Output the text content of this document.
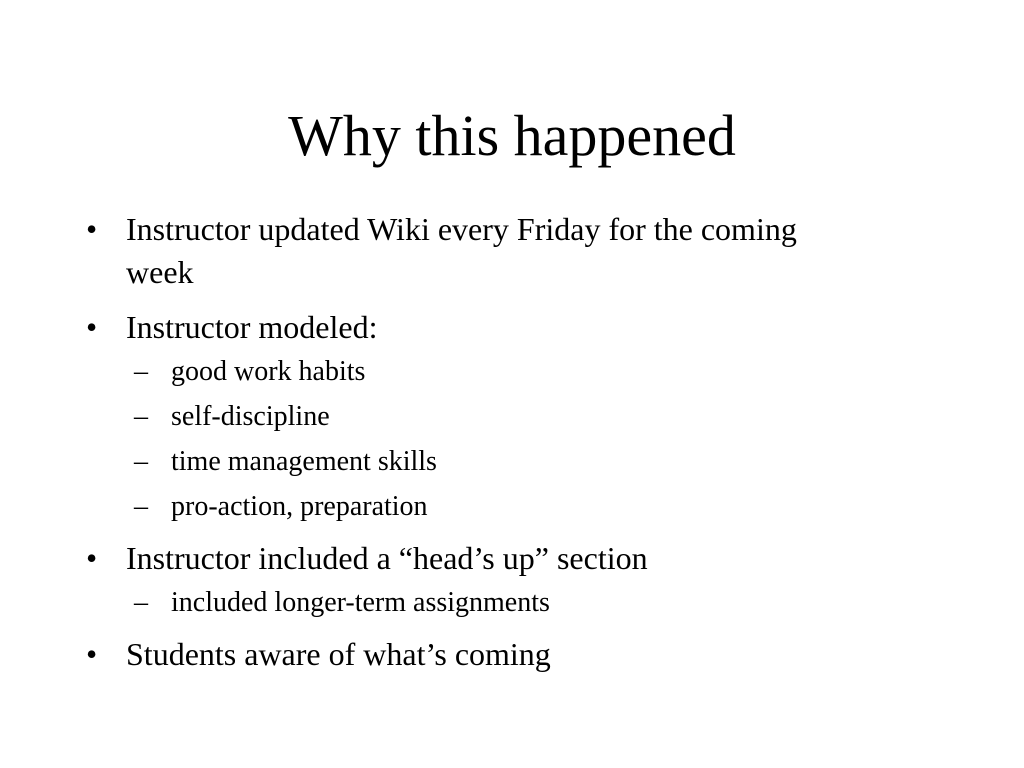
Why this happened
• Instructor updated Wiki every Friday for the coming week
• Instructor modeled:
– good work habits
– self-discipline
– time management skills
– pro-action, preparation
• Instructor included a “head’s up” section
– included longer-term assignments
• Students aware of what’s coming
